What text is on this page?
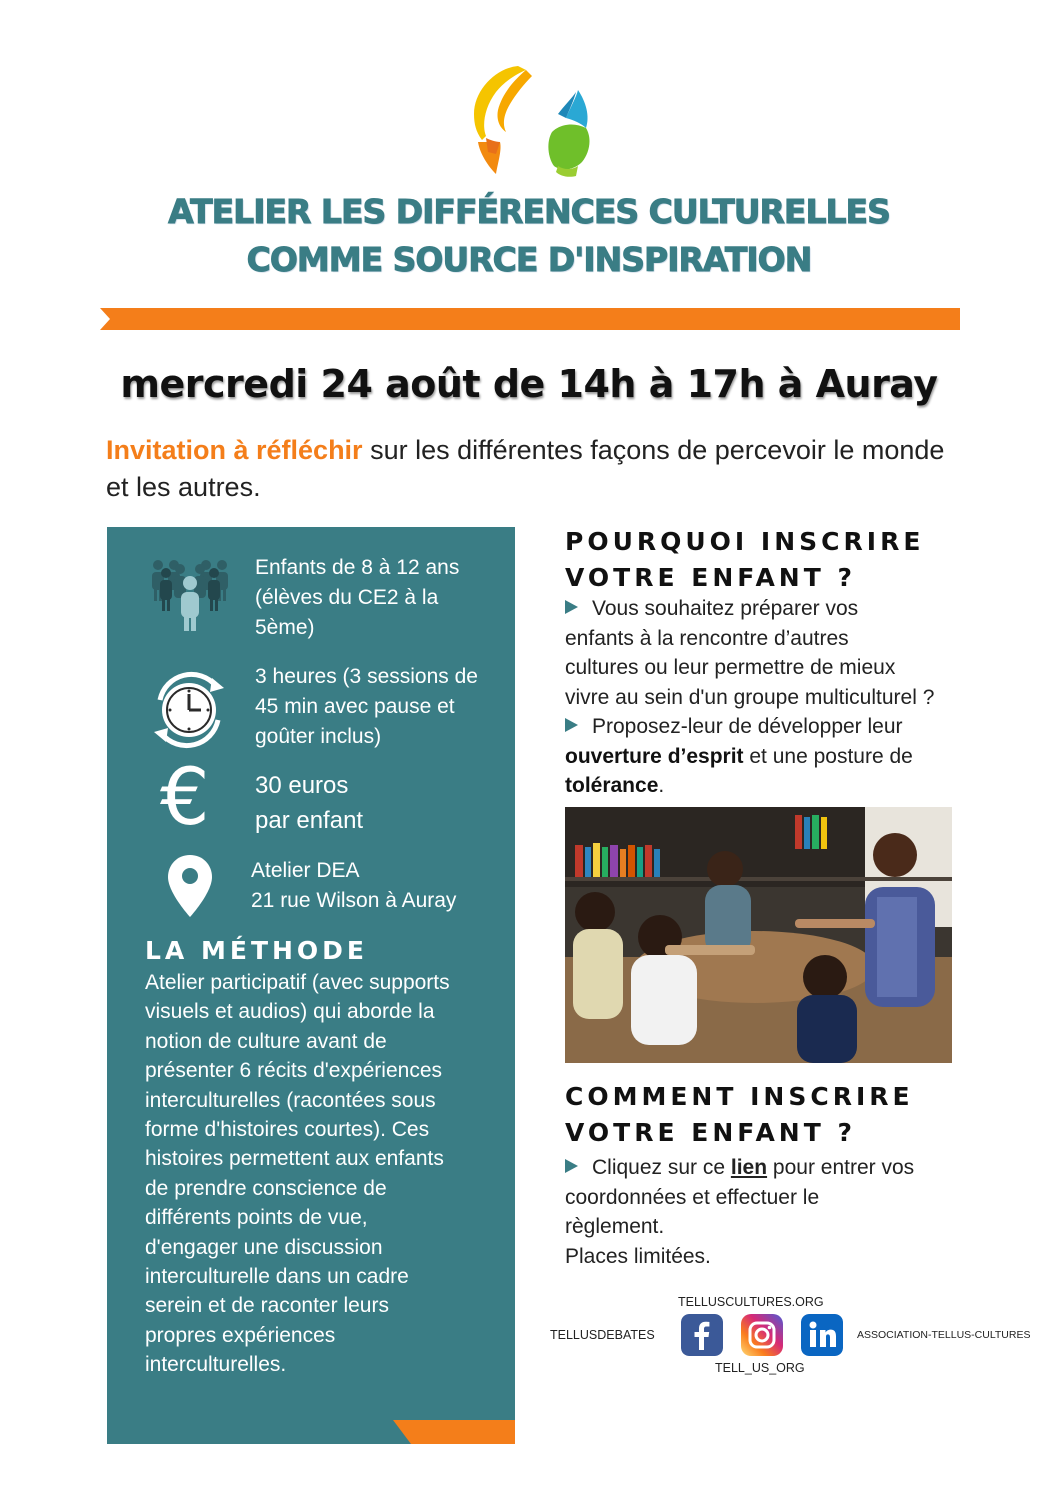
ATELIER LES DIFFÉRENCES CULTURELLES
COMME SOURCE D'INSPIRATION
mercredi 24 août de 14h à 17h à Auray
Invitation à réfléchir sur les différentes façons de percevoir le monde et les autres.
Enfants de 8 à 12 ans
(élèves du CE2 à la
5ème)
3 heures (3 sessions de
45 min avec pause et
goûter inclus)
€ 30 euros
par enfant
Atelier DEA
21 rue Wilson à Auray
LA MÉTHODE
Atelier participatif (avec supports
visuels et audios) qui aborde la
notion de culture avant de
présenter 6 récits d'expériences
interculturelles (racontées sous
forme d'histoires courtes). Ces
histoires permettent aux enfants
de prendre conscience de
différents points de vue,
d'engager une discussion
interculturelle dans un cadre
serein et de raconter leurs
propres expériences
interculturelles.
POURQUOI INSCRIRE
VOTRE ENFANT ?
Vous souhaitez préparer vos
enfants à la rencontre d’autres
cultures ou leur permettre de mieux
vivre au sein d'un groupe multiculturel ?
Proposez-leur de développer leur
ouverture d’esprit et une posture de
tolérance.
COMMENT INSCRIRE
VOTRE ENFANT ?
Cliquez sur ce lien pour entrer vos
coordonnées et effectuer le
règlement.
Places limitées.
TELLUSCULTURES.ORG
TELLUSDEBATES	ASSOCIATION-TELLUS-CULTURES
TELL_US_ORG
